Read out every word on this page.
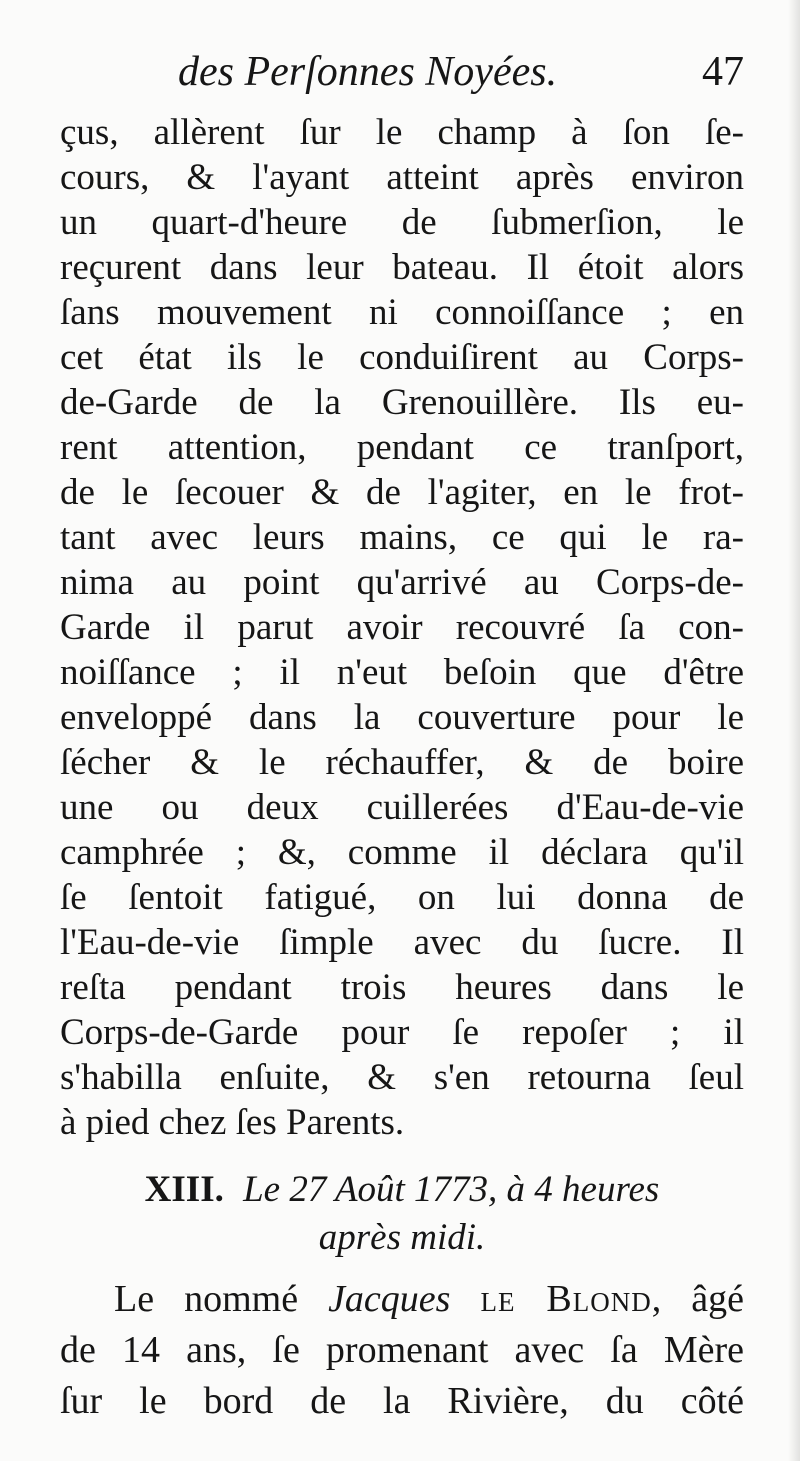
des Perſonnes Noyées.	47
çus, allèrent ſur le champ à ſon ſe-
cours, & l'ayant atteint après environ
un quart-d'heure de ſubmerſion, le
reçurent dans leur bateau. Il étoit alors
ſans mouvement ni connoiſſance ; en
cet état ils le conduiſirent au Corps-
de-Garde de la Grenouillère. Ils eu-
rent attention, pendant ce tranſport,
de le ſecouer & de l'agiter, en le frot-
tant avec leurs mains, ce qui le ra-
nima au point qu'arrivé au Corps-de-
Garde il parut avoir recouvré ſa con-
noiſſance ; il n'eut beſoin que d'être
enveloppé dans la couverture pour le
ſécher & le réchauffer, & de boire
une ou deux cuillerées d'Eau-de-vie
camphrée ; &, comme il déclara qu'il
ſe ſentoit fatigué, on lui donna de
l'Eau-de-vie ſimple avec du ſucre. Il
reſta pendant trois heures dans le
Corps-de-Garde pour ſe repoſer ; il
s'habilla enſuite, & s'en retourna ſeul
à pied chez ſes Parents.
XIII. Le 27 Août 1773, à 4 heures
après midi.
Le nommé Jacques le Blond, âgé
de 14 ans, ſe promenant avec ſa Mère
ſur le bord de la Rivière, du côté
